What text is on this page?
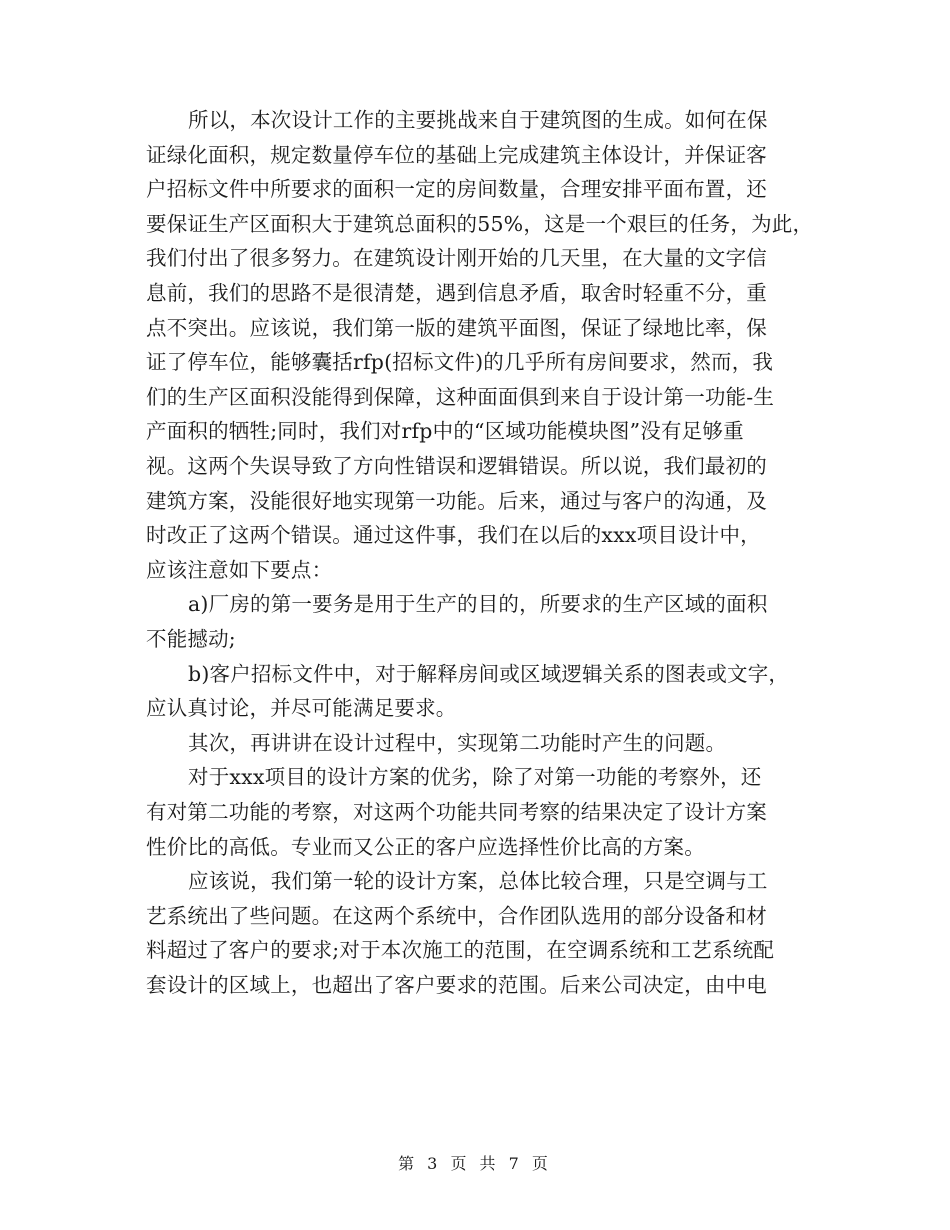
所以，本次设计工作的主要挑战来自于建筑图的生成。如何在保
证绿化面积，规定数量停车位的基础上完成建筑主体设计，并保证客
户招标文件中所要求的面积一定的房间数量，合理安排平面布置，还
要保证生产区面积大于建筑总面积的55%，这是一个艰巨的任务，为此，
我们付出了很多努力。在建筑设计刚开始的几天里，在大量的文字信
息前，我们的思路不是很清楚，遇到信息矛盾，取舍时轻重不分，重
点不突出。应该说，我们第一版的建筑平面图，保证了绿地比率，保
证了停车位，能够囊括rfp(招标文件)的几乎所有房间要求，然而，我
们的生产区面积没能得到保障，这种面面俱到来自于设计第一功能-生
产面积的牺牲;同时，我们对rfp中的“区域功能模块图”没有足够重
视。这两个失误导致了方向性错误和逻辑错误。所以说，我们最初的
建筑方案，没能很好地实现第一功能。后来，通过与客户的沟通，及
时改正了这两个错误。通过这件事，我们在以后的xxx项目设计中，
应该注意如下要点：
a)厂房的第一要务是用于生产的目的，所要求的生产区域的面积
不能撼动;
b)客户招标文件中，对于解释房间或区域逻辑关系的图表或文字，
应认真讨论，并尽可能满足要求。
其次，再讲讲在设计过程中，实现第二功能时产生的问题。
对于xxx项目的设计方案的优劣，除了对第一功能的考察外，还
有对第二功能的考察，对这两个功能共同考察的结果决定了设计方案
性价比的高低。专业而又公正的客户应选择性价比高的方案。
应该说，我们第一轮的设计方案，总体比较合理，只是空调与工
艺系统出了些问题。在这两个系统中，合作团队选用的部分设备和材
料超过了客户的要求;对于本次施工的范围，在空调系统和工艺系统配
套设计的区域上，也超出了客户要求的范围。后来公司决定，由中电
第 3 页 共 7 页
